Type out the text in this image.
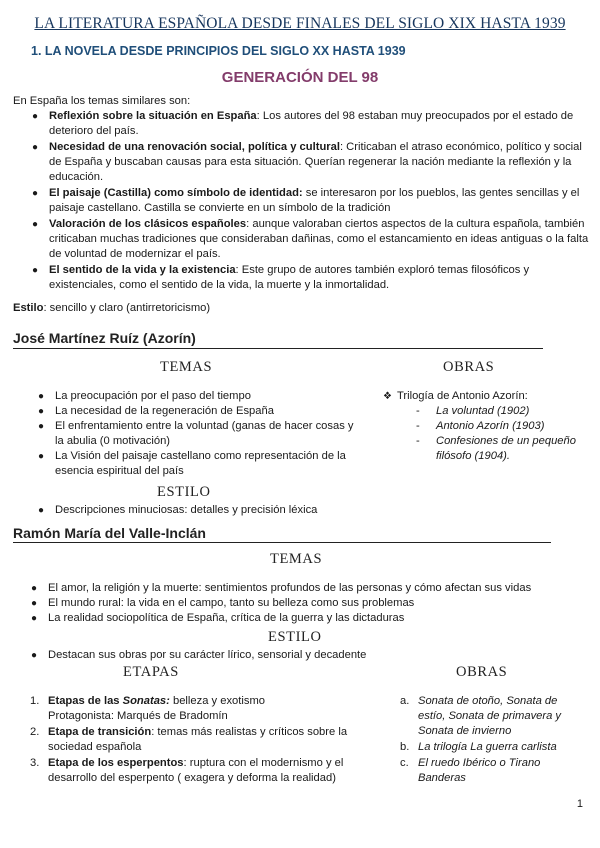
LA LITERATURA ESPAÑOLA DESDE FINALES DEL SIGLO XIX HASTA 1939
1. LA NOVELA DESDE PRINCIPIOS DEL SIGLO XX HASTA 1939
GENERACIÓN DEL 98
En España los temas similares son:
● Reflexión sobre la situación en España: Los autores del 98 estaban muy preocupados por el estado de deterioro del país.
● Necesidad de una renovación social, política y cultural: Criticaban el atraso económico, político y social de España y buscaban causas para esta situación. Querían regenerar la nación mediante la reflexión y la educación.
● El paisaje (Castilla) como símbolo de identidad: se interesaron por los pueblos, las gentes sencillas y el paisaje castellano. Castilla se convierte en un símbolo de la tradición
● Valoración de los clásicos españoles: aunque valoraban ciertos aspectos de la cultura española, también criticaban muchas tradiciones que consideraban dañinas, como el estancamiento en ideas antiguas o la falta de voluntad de modernizar el país.
● El sentido de la vida y la existencia: Este grupo de autores también exploró temas filosóficos y existenciales, como el sentido de la vida, la muerte y la inmortalidad.
Estilo: sencillo y claro (antirretoricismo)
José Martínez Ruíz (Azorín)
TEMAS	OBRAS
● La preocupación por el paso del tiempo
● La necesidad de la regeneración de España
● El enfrentamiento entre la voluntad (ganas de hacer cosas y la abulia (0 motivación)
● La Visión del paisaje castellano como representación de la esencia espiritual del país
❖ Trilogía de Antonio Azorín:
- La voluntad (1902)
- Antonio Azorín (1903)
- Confesiones de un pequeño filósofo (1904).
ESTILO
● Descripciones minuciosas: detalles y precisión léxica
Ramón María del Valle-Inclán
TEMAS
● El amor, la religión y la muerte: sentimientos profundos de las personas y cómo afectan sus vidas
● El mundo rural: la vida en el campo, tanto su belleza como sus problemas
● La realidad sociopolítica de España, crítica de la guerra y las dictaduras
ESTILO
● Destacan sus obras por su carácter lírico, sensorial y decadente
ETAPAS	OBRAS
1. Etapas de las Sonatas: belleza y exotismo
Protagonista: Marqués de Bradomín
2. Etapa de transición: temas más realistas y críticos sobre la sociedad española
3. Etapa de los esperpentos: ruptura con el modernismo y el desarrollo del esperpento ( exagera y deforma la realidad)
a. Sonata de otoño, Sonata de estío, Sonata de primavera y Sonata de invierno
b. La trilogía La guerra carlista
c. El ruedo Ibérico o Tirano Banderas
1
